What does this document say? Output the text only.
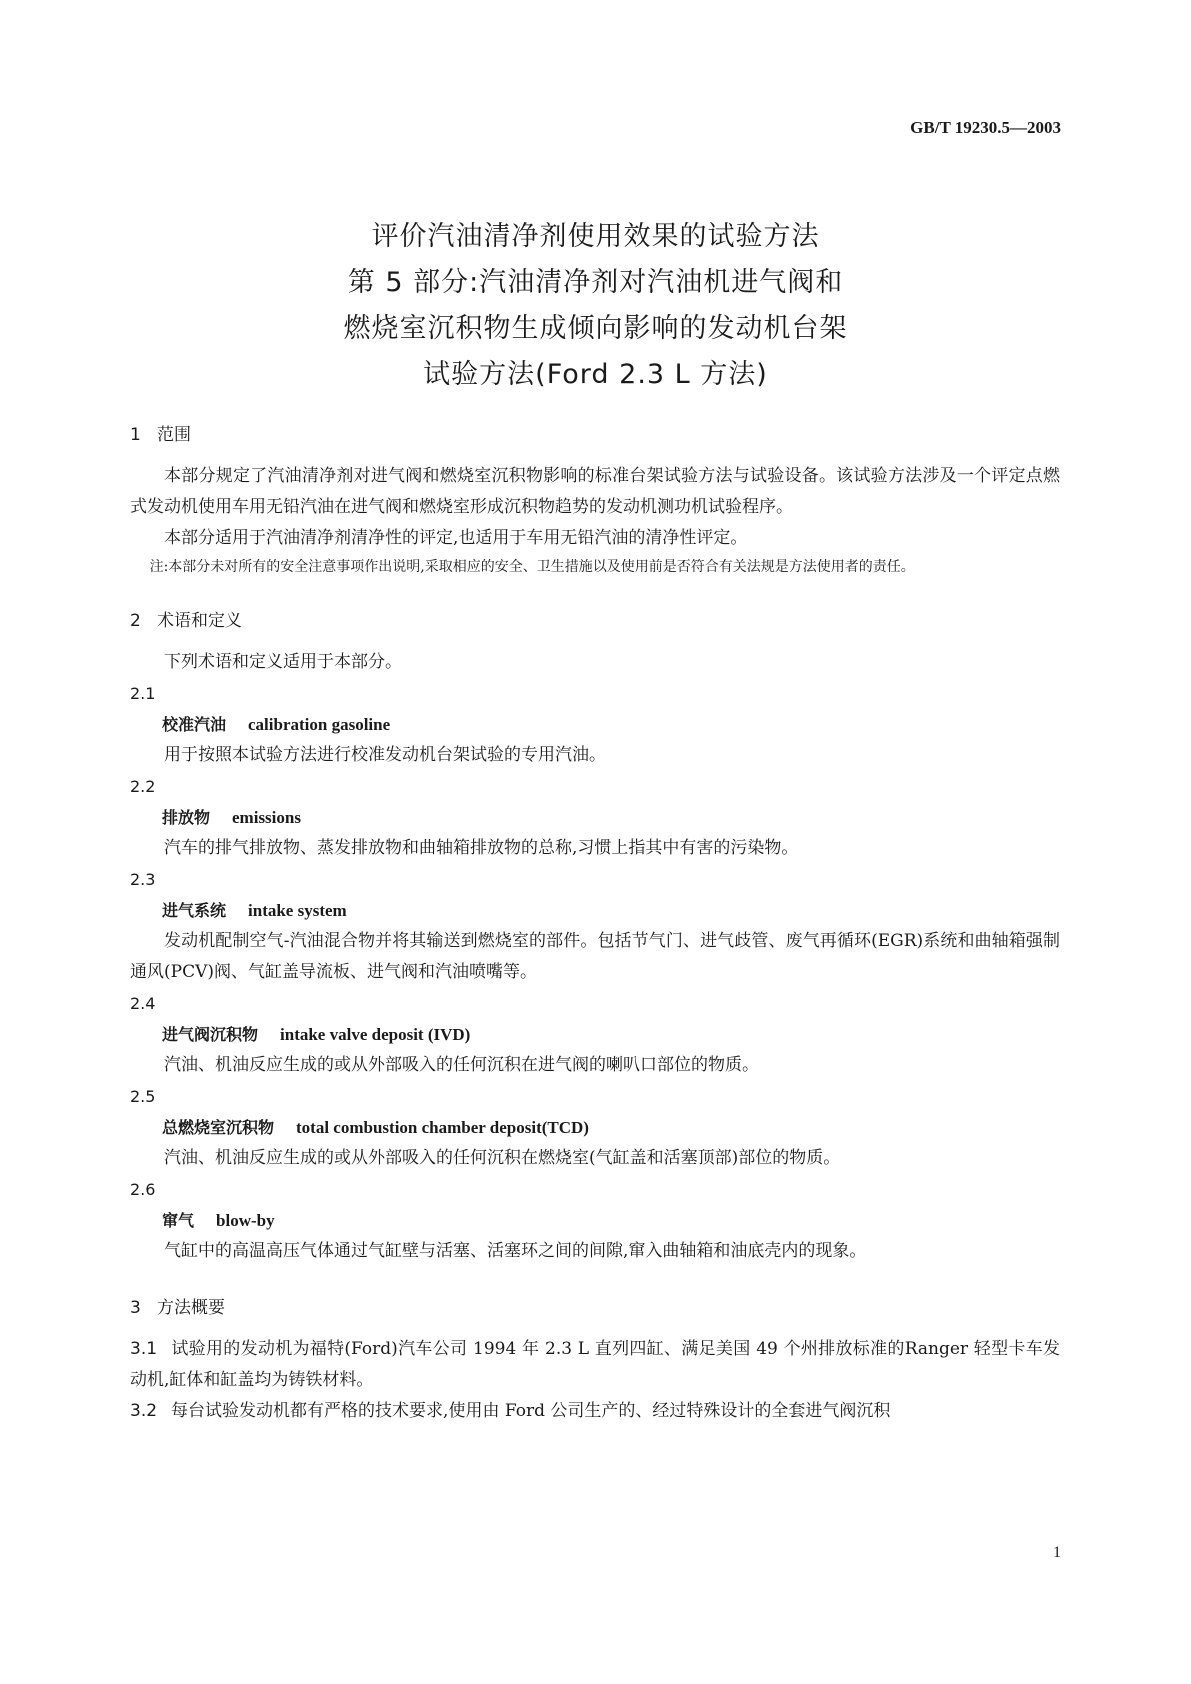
GB/T 19230.5—2003
评价汽油清净剂使用效果的试验方法
第 5 部分:汽油清净剂对汽油机进气阀和
燃烧室沉积物生成倾向影响的发动机台架
试验方法(Ford 2.3 L 方法)
1   范围
本部分规定了汽油清净剂对进气阀和燃烧室沉积物影响的标准台架试验方法与试验设备。该试验方法涉及一个评定点燃式发动机使用车用无铅汽油在进气阀和燃烧室形成沉积物趋势的发动机测功机试验程序。
本部分适用于汽油清净剂清净性的评定,也适用于车用无铅汽油的清净性评定。
注:本部分未对所有的安全注意事项作出说明,采取相应的安全、卫生措施以及使用前是否符合有关法规是方法使用者的责任。
2   术语和定义
下列术语和定义适用于本部分。
2.1
校准汽油 calibration gasoline
用于按照本试验方法进行校准发动机台架试验的专用汽油。
2.2
排放物 emissions
汽车的排气排放物、蒸发排放物和曲轴箱排放物的总称,习惯上指其中有害的污染物。
2.3
进气系统 intake system
发动机配制空气-汽油混合物并将其输送到燃烧室的部件。包括节气门、进气歧管、废气再循环(EGR)系统和曲轴箱强制通风(PCV)阀、气缸盖导流板、进气阀和汽油喷嘴等。
2.4
进气阀沉积物 intake valve deposit (IVD)
汽油、机油反应生成的或从外部吸入的任何沉积在进气阀的喇叭口部位的物质。
2.5
总燃烧室沉积物 total combustion chamber deposit(TCD)
汽油、机油反应生成的或从外部吸入的任何沉积在燃烧室(气缸盖和活塞顶部)部位的物质。
2.6
窜气 blow-by
气缸中的高温高压气体通过气缸壁与活塞、活塞环之间的间隙,窜入曲轴箱和油底壳内的现象。
3   方法概要
3.1 试验用的发动机为福特(Ford)汽车公司 1994 年 2.3 L 直列四缸、满足美国 49 个州排放标准的Ranger 轻型卡车发动机,缸体和缸盖均为铸铁材料。
3.2 每台试验发动机都有严格的技术要求,使用由 Ford 公司生产的、经过特殊设计的全套进气阀沉积
1
